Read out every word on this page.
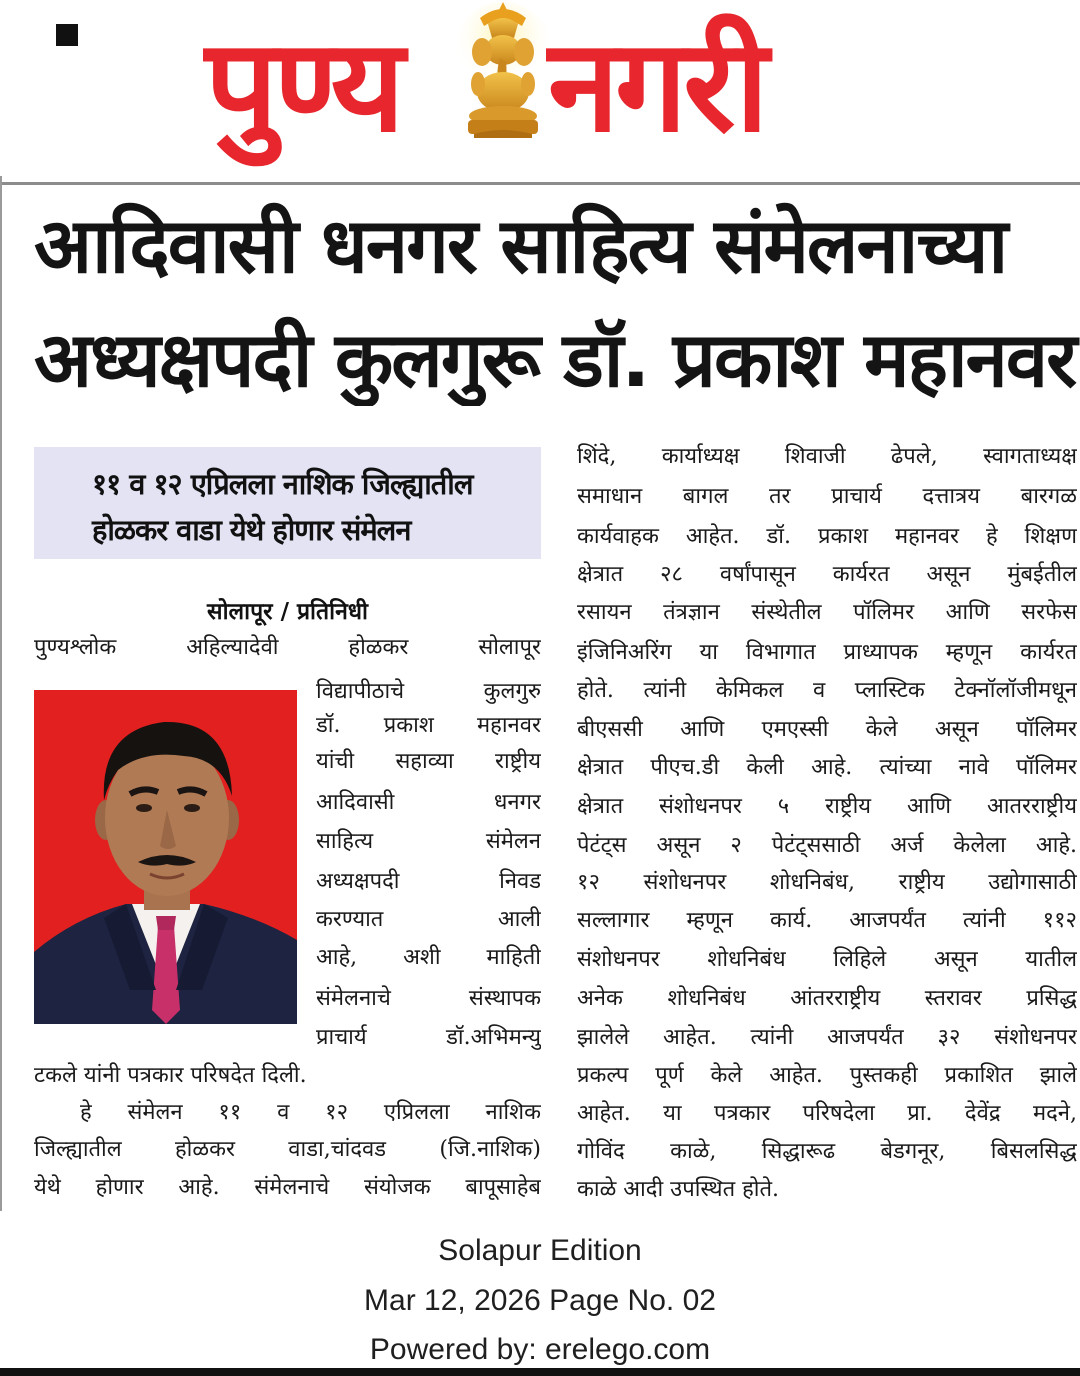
पुण्य नगरी
आदिवासी धनगर साहित्य संमेलनाच्या
अध्यक्षपदी कुलगुरू डॉ. प्रकाश महानवर
११ व १२ एप्रिलला नाशिक जिल्ह्यातील
होळकर वाडा येथे होणार संमेलन
सोलापूर / प्रतिनिधी
पुण्यश्लोक अहिल्यादेवी होळकर सोलापूर
विद्यापीठाचे कुलगुरु
डॉ. प्रकाश महानवर
यांची सहाव्या राष्ट्रीय
आदिवासी धनगर
साहित्य संमेलन
अध्यक्षपदी निवड
करण्यात आली
आहे, अशी माहिती
संमेलनाचे संस्थापक
प्राचार्य डॉ.अभिमन्यु
टकले यांनी पत्रकार परिषदेत दिली.
हे संमेलन ११ व १२ एप्रिलला नाशिक
जिल्ह्यातील होळकर वाडा,चांदवड (जि.नाशिक)
येथे होणार आहे. संमेलनाचे संयोजक बापूसाहेब
शिंदे, कार्याध्यक्ष शिवाजी ढेपले, स्वागताध्यक्ष
समाधान बागल तर प्राचार्य दत्तात्रय बारगळ
कार्यवाहक आहेत. डॉ. प्रकाश महानवर हे शिक्षण
क्षेत्रात २८ वर्षांपासून कार्यरत असून मुंबईतील
रसायन तंत्रज्ञान संस्थेतील पॉलिमर आणि सरफेस
इंजिनिअरिंग या विभागात प्राध्यापक म्हणून कार्यरत
होते. त्यांनी केमिकल व प्लास्टिक टेक्नॉलॉजीमधून
बीएससी आणि एमएस्सी केले असून पॉलिमर
क्षेत्रात पीएच.डी केली आहे. त्यांच्या नावे पॉलिमर
क्षेत्रात संशोधनपर ५ राष्ट्रीय आणि आतरराष्ट्रीय
पेटंट्स असून २ पेटंट्ससाठी अर्ज केलेला आहे.
१२ संशोधनपर शोधनिबंध, राष्ट्रीय उद्योगासाठी
सल्लागार म्हणून कार्य. आजपर्यंत त्यांनी ११२
संशोधनपर शोधनिबंध लिहिले असून यातील
अनेक शोधनिबंध आंतरराष्ट्रीय स्तरावर प्रसिद्ध
झालेले आहेत. त्यांनी आजपर्यंत ३२ संशोधनपर
प्रकल्प पूर्ण केले आहेत. पुस्तकही प्रकाशित झाले
आहेत. या पत्रकार परिषदेला प्रा. देवेंद्र मदने,
गोविंद काळे, सिद्धारूढ बेडगनूर, बिसलसिद्ध
काळे आदी उपस्थित होते.
Solapur Edition
Mar 12, 2026 Page No. 02
Powered by: erelego.com
